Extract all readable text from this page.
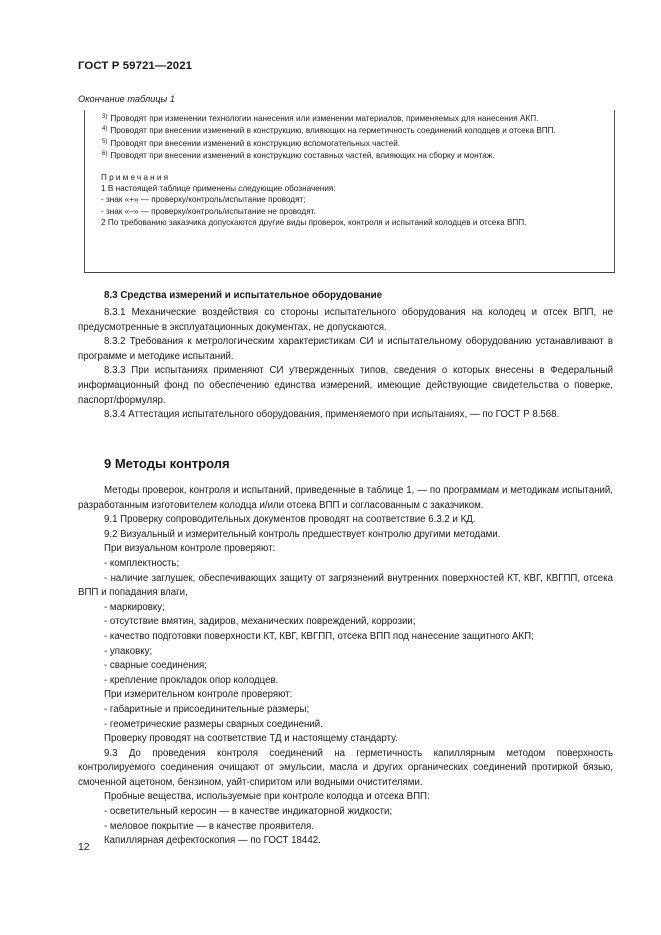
ГОСТ Р 59721—2021
Окончание таблицы 1
$^{3)}$ Проводят при изменении технологии нанесения или изменении материалов, применяемых для нанесения АКП.
$^{4)}$ Проводят при внесении изменений в конструкцию, влияющих на герметичность соединений колодцев и отсека ВПП.
$^{5)}$ Проводят при внесении изменений в конструкцию вспомогательных частей.
$^{6)}$ Проводят при внесении изменений в конструкцию составных частей, влияющих на сборку и монтаж.
Примечания
1 В настоящей таблице применены следующие обозначения:
- знак «+» — проверку/контроль/испытание проводят;
- знак «–» — проверку/контроль/испытание не проводят.
2 По требованию заказчика допускаются другие виды проверок, контроля и испытаний колодцев и отсека ВПП.
8.3 Средства измерений и испытательное оборудование

8.3.1 Механические воздействия со стороны испытательного оборудования на колодец и отсек ВПП, не предусмотренные в эксплуатационных документах, не допускаются.

8.3.2 Требования к метрологическим характеристикам СИ и испытательному оборудованию устанавливают в программе и методике испытаний.

8.3.3 При испытаниях применяют СИ утвержденных типов, сведения о которых внесены в Федеральный информационный фонд по обеспечению единства измерений, имеющие действующие свидетельства о поверке, паспорт/формуляр.

8.3.4 Аттестация испытательного оборудования, применяемого при испытаниях, — по ГОСТ Р 8.568.

9 Методы контроля

Методы проверок, контроля и испытаний, приведенные в таблице 1, — по программам и методикам испытаний, разработанным изготовителем колодца и/или отсека ВПП и согласованным с заказчиком.

9.1 Проверку сопроводительных документов проводят на соответствие 6.3.2 и КД.

9.2 Визуальный и измерительный контроль предшествует контролю другими методами.

При визуальном контроле проверяют:

- комплектность;

- наличие заглушек, обеспечивающих защиту от загрязнений внутренних поверхностей КТ, КВГ, КВГПП, отсека ВПП и попадания влаги,

- маркировку;

- отсутствие вмятин, задиров, механических повреждений, коррозии;

- качество подготовки поверхности КТ, КВГ, КВГПП, отсека ВПП под нанесение защитного АКП;

- упаковку;

- сварные соединения;

- крепление прокладок опор колодцев.

При измерительном контроле проверяют:

- габаритные и присоединительные размеры;

- геометрические размеры сварных соединений.

Проверку проводят на соответствие ТД и настоящему стандарту.

9.3 До проведения контроля соединений на герметичность капиллярным методом поверхность контролируемого соединения очищают от эмульсии, масла и других органических соединений протиркой бязью, смоченной ацетоном, бензином, уайт-спиритом или водными очистителями.

Пробные вещества, используемые при контроле колодца и отсека ВПП:

- осветительный керосин — в качестве индикаторной жидкости;

- меловое покрытие — в качестве проявителя.

Капиллярная дефектоскопия — по ГОСТ 18442.

12
